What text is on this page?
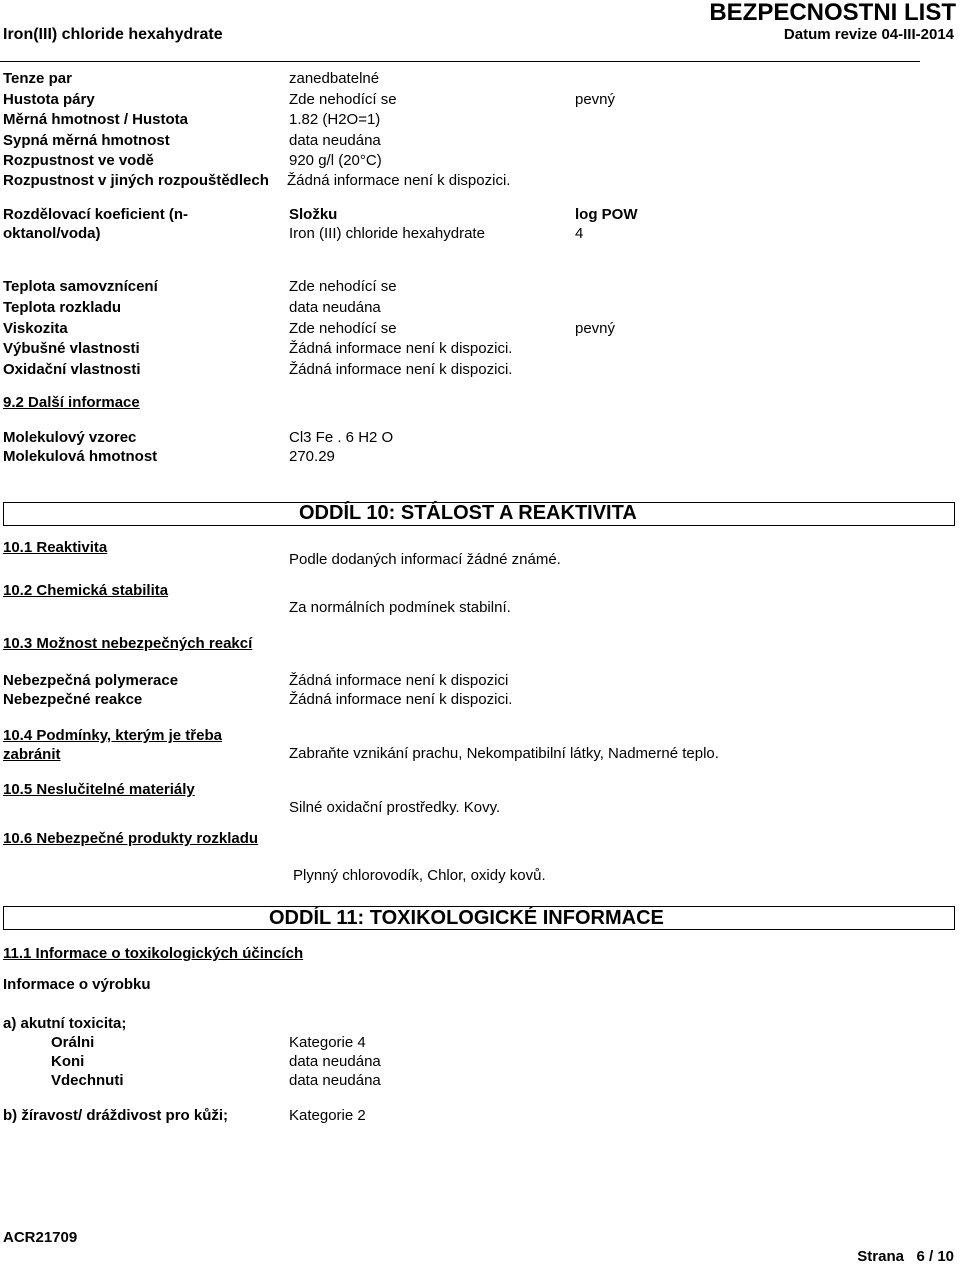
Iron(III) chloride hexahydrate
BEZPECNOSTNI LIST
Datum revize 04-III-2014
Tenze par	zanedbatelné
Hustota páry	Zde nehodící se	pevný
Měrná hmotnost / Hustota	1.82 (H2O=1)
Sypná měrná hmotnost	data neudána
Rozpustnost ve vodě	920 g/l (20°C)
Rozpustnost v jiných rozpouštědlech Žádná informace není k dispozici.
Rozdělovací koeficient (n-
oktanol/voda)
Složku	log POW
Iron (III) chloride hexahydrate	4
Teplota samovznícení	Zde nehodící se
Teplota rozkladu	data neudána
Viskozita	Zde nehodící se	pevný
Výbušné vlastnosti	Žádná informace není k dispozici.
Oxidační vlastnosti	Žádná informace není k dispozici.
9.2 Další informace
Molekulový vzorec	Cl3 Fe . 6 H2 O
Molekulová hmotnost	270.29
ODDÍL 10: STÁLOST A REAKTIVITA
10.1 Reaktivita
Podle dodaných informací žádné známé.
10.2 Chemická stabilita
Za normálních podmínek stabilní.
10.3 Možnost nebezpečných reakcí
Nebezpečná polymerace	Žádná informace není k dispozici
Nebezpečné reakce	Žádná informace není k dispozici.
10.4 Podmínky, kterým je třeba
zabránit	Zabraňte vznikání prachu, Nekompatibilní látky, Nadmerné teplo.
10.5 Neslučitelné materiály
Silné oxidační prostředky. Kovy.
10.6 Nebezpečné produkty rozkladu
Plynný chlorovodík, Chlor, oxidy kovů.
ODDÍL 11: TOXIKOLOGICKÉ INFORMACE
11.1 Informace o toxikologických účincích
Informace o výrobku
a) akutní toxicita;
Orálni	Kategorie 4
Koni	data neudána
Vdechnuti	data neudána
b) žíravost/ dráždivost pro kůži;	Kategorie 2
ACR21709
Strana 6 / 10
